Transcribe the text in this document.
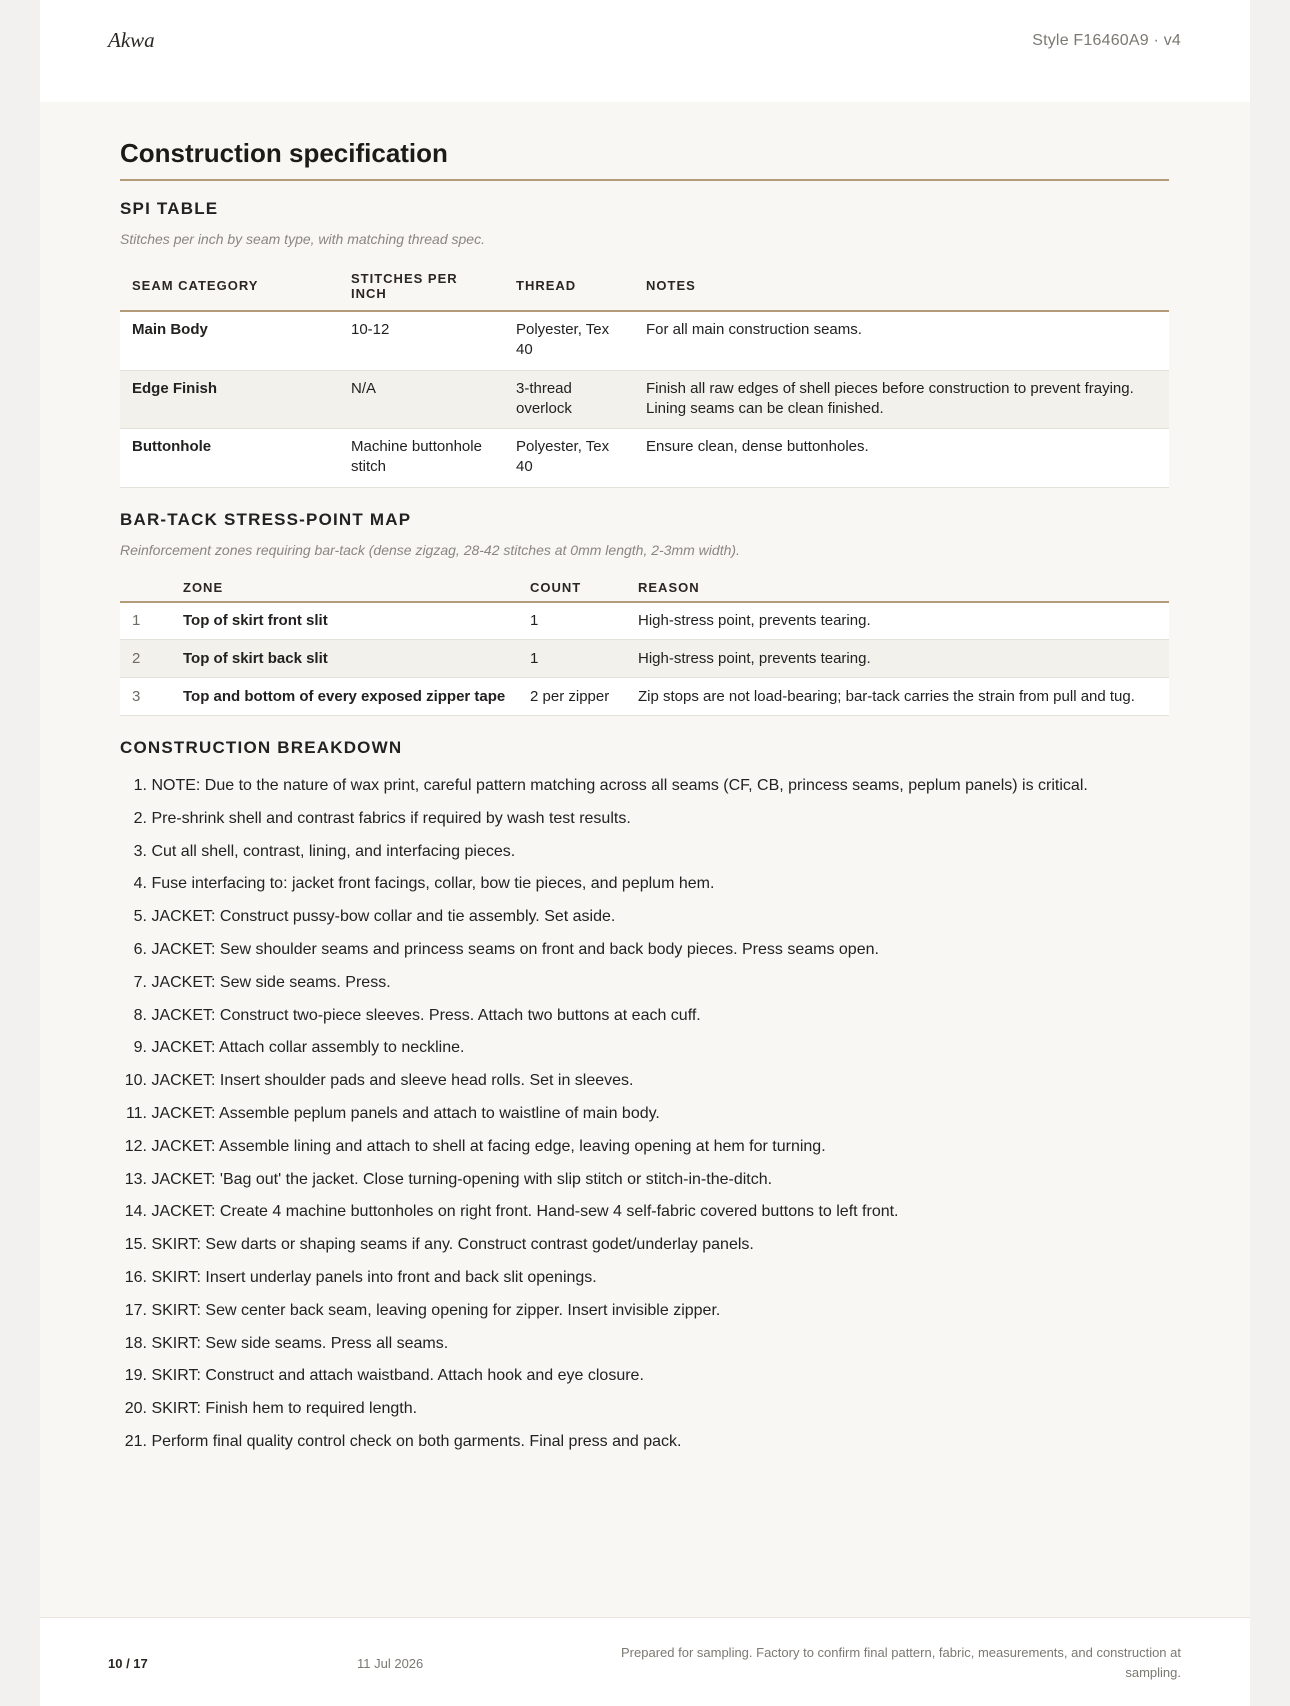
Akwa	Style F16460A9 · v4
Construction specification
SPI TABLE
Stitches per inch by seam type, with matching thread spec.
SEAM CATEGORY	STITCHES PER INCH	THREAD	NOTES
Main Body	10-12	Polyester, Tex 40	For all main construction seams.
Edge Finish	N/A	3-thread overlock	Finish all raw edges of shell pieces before construction to prevent fraying. Lining seams can be clean finished.
Buttonhole	Machine buttonhole stitch	Polyester, Tex 40	Ensure clean, dense buttonholes.
BAR-TACK STRESS-POINT MAP
Reinforcement zones requiring bar-tack (dense zigzag, 28-42 stitches at 0mm length, 2-3mm width).
	ZONE	COUNT	REASON
1	Top of skirt front slit	1	High-stress point, prevents tearing.
2	Top of skirt back slit	1	High-stress point, prevents tearing.
3	Top and bottom of every exposed zipper tape	2 per zipper	Zip stops are not load-bearing; bar-tack carries the strain from pull and tug.
CONSTRUCTION BREAKDOWN
1. NOTE: Due to the nature of wax print, careful pattern matching across all seams (CF, CB, princess seams, peplum panels) is critical.
2. Pre-shrink shell and contrast fabrics if required by wash test results.
3. Cut all shell, contrast, lining, and interfacing pieces.
4. Fuse interfacing to: jacket front facings, collar, bow tie pieces, and peplum hem.
5. JACKET: Construct pussy-bow collar and tie assembly. Set aside.
6. JACKET: Sew shoulder seams and princess seams on front and back body pieces. Press seams open.
7. JACKET: Sew side seams. Press.
8. JACKET: Construct two-piece sleeves. Press. Attach two buttons at each cuff.
9. JACKET: Attach collar assembly to neckline.
10. JACKET: Insert shoulder pads and sleeve head rolls. Set in sleeves.
11. JACKET: Assemble peplum panels and attach to waistline of main body.
12. JACKET: Assemble lining and attach to shell at facing edge, leaving opening at hem for turning.
13. JACKET: 'Bag out' the jacket. Close turning-opening with slip stitch or stitch-in-the-ditch.
14. JACKET: Create 4 machine buttonholes on right front. Hand-sew 4 self-fabric covered buttons to left front.
15. SKIRT: Sew darts or shaping seams if any. Construct contrast godet/underlay panels.
16. SKIRT: Insert underlay panels into front and back slit openings.
17. SKIRT: Sew center back seam, leaving opening for zipper. Insert invisible zipper.
18. SKIRT: Sew side seams. Press all seams.
19. SKIRT: Construct and attach waistband. Attach hook and eye closure.
20. SKIRT: Finish hem to required length.
21. Perform final quality control check on both garments. Final press and pack.
10 / 17	11 Jul 2026
Prepared for sampling. Factory to confirm final pattern, fabric, measurements, and construction at sampling.
